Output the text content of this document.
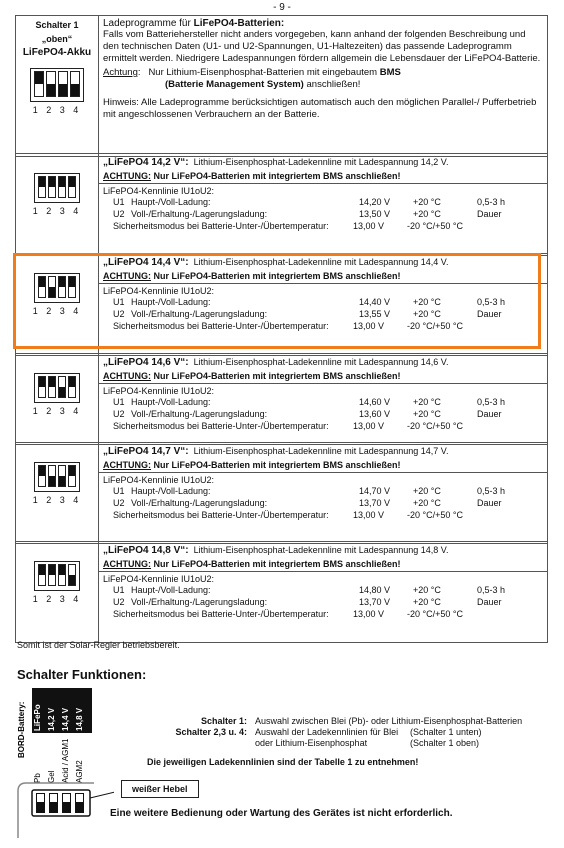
- 9 -
Schalter 1
„oben“
LiFePO4-Akku
1 2 3 4

Ladeprogramme für LiFePO4-Batterien:
Falls vom Batteriehersteller nicht anders vorgegeben, kann anhand der folgenden Beschreibung und den technischen Daten (U1- und U2-Spannungen, U1-Haltezeiten) das passende Ladeprogramm ermittelt werden. Niedrigere Ladespannungen fördern allgemein die Lebensdauer der LiFePO4-Batterie.
Achtung:   Nur Lithium-Eisenphosphat-Batterien mit eingebautem BMS
(Batterie Management System) anschließen!
Hinweis: Alle Ladeprogramme berücksichtigen automatisch auch den möglichen Parallel-/ Pufferbetrieb mit angeschlossenen Verbrauchern an der Batterie.
1 2 3 4

„LiFePO4 14,2 V“: Lithium-Eisenphosphat-Ladekennline mit Ladespannung 14,2 V.
ACHTUNG: Nur LiFePO4-Batterien mit integriertem BMS anschließen!
LiFePO4-Kennlinie IU1oU2:
U1 Haupt-/Voll-Ladung:	14,20 V	+20 °C	0,5-3 h
U2 Voll-/Erhaltung-/Lagerungsladung:	13,50 V	+20 °C	Dauer
Sicherheitsmodus bei Batterie-Unter-/Übertemperatur:	13,00 V	-20 °C/+50 °C
1 2 3 4

„LiFePO4 14,4 V“: Lithium-Eisenphosphat-Ladekennline mit Ladespannung 14,4 V.
ACHTUNG: Nur LiFePO4-Batterien mit integriertem BMS anschließen!
LiFePO4-Kennlinie IU1oU2:
U1 Haupt-/Voll-Ladung:	14,40 V	+20 °C	0,5-3 h
U2 Voll-/Erhaltung-/Lagerungsladung:	13,55 V	+20 °C	Dauer
Sicherheitsmodus bei Batterie-Unter-/Übertemperatur:	13,00 V	-20 °C/+50 °C
1 2 3 4

„LiFePO4 14,6 V“: Lithium-Eisenphosphat-Ladekennline mit Ladespannung 14,6 V.
ACHTUNG: Nur LiFePO4-Batterien mit integriertem BMS anschließen!
LiFePO4-Kennlinie IU1oU2:
U1 Haupt-/Voll-Ladung:	14,60 V	+20 °C	0,5-3 h
U2 Voll-/Erhaltung-/Lagerungsladung:	13,60 V	+20 °C	Dauer
Sicherheitsmodus bei Batterie-Unter-/Übertemperatur:	13,00 V	-20 °C/+50 °C
1 2 3 4

„LiFePO4 14,7 V“: Lithium-Eisenphosphat-Ladekennline mit Ladespannung 14,7 V.
ACHTUNG: Nur LiFePO4-Batterien mit integriertem BMS anschließen!
LiFePO4-Kennlinie IU1oU2:
U1 Haupt-/Voll-Ladung:	14,70 V	+20 °C	0,5-3 h
U2 Voll-/Erhaltung-/Lagerungsladung:	13,70 V	+20 °C	Dauer
Sicherheitsmodus bei Batterie-Unter-/Übertemperatur:	13,00 V	-20 °C/+50 °C
1 2 3 4

„LiFePO4 14,8 V“: Lithium-Eisenphosphat-Ladekennline mit Ladespannung 14,8 V.
ACHTUNG: Nur LiFePO4-Batterien mit integriertem BMS anschließen!
LiFePO4-Kennlinie IU1oU2:
U1 Haupt-/Voll-Ladung:	14,80 V	+20 °C	0,5-3 h
U2 Voll-/Erhaltung-/Lagerungsladung:	13,70 V	+20 °C	Dauer
Sicherheitsmodus bei Batterie-Unter-/Übertemperatur:	13,00 V	-20 °C/+50 °C
Somit ist der Solar-Regler betriebsbereit.
Schalter Funktionen:
BORD-Battery: LiFePo 14,2 V 14,4 V 14,8 V
Pb Gel Acid / AGM1 AGM2
Schalter 1: Auswahl zwischen Blei (Pb)- oder Lithium-Eisenphosphat-Batterien
Schalter 2,3 u. 4: Auswahl der Ladekennlinien für Blei	(Schalter 1 unten)
oder Lithium-Eisenphosphat	(Schalter 1 oben)
Die jeweiligen Ladekennlinien sind der Tabelle 1 zu entnehmen!
weißer Hebel
Eine weitere Bedienung oder Wartung des Gerätes ist nicht erforderlich.
